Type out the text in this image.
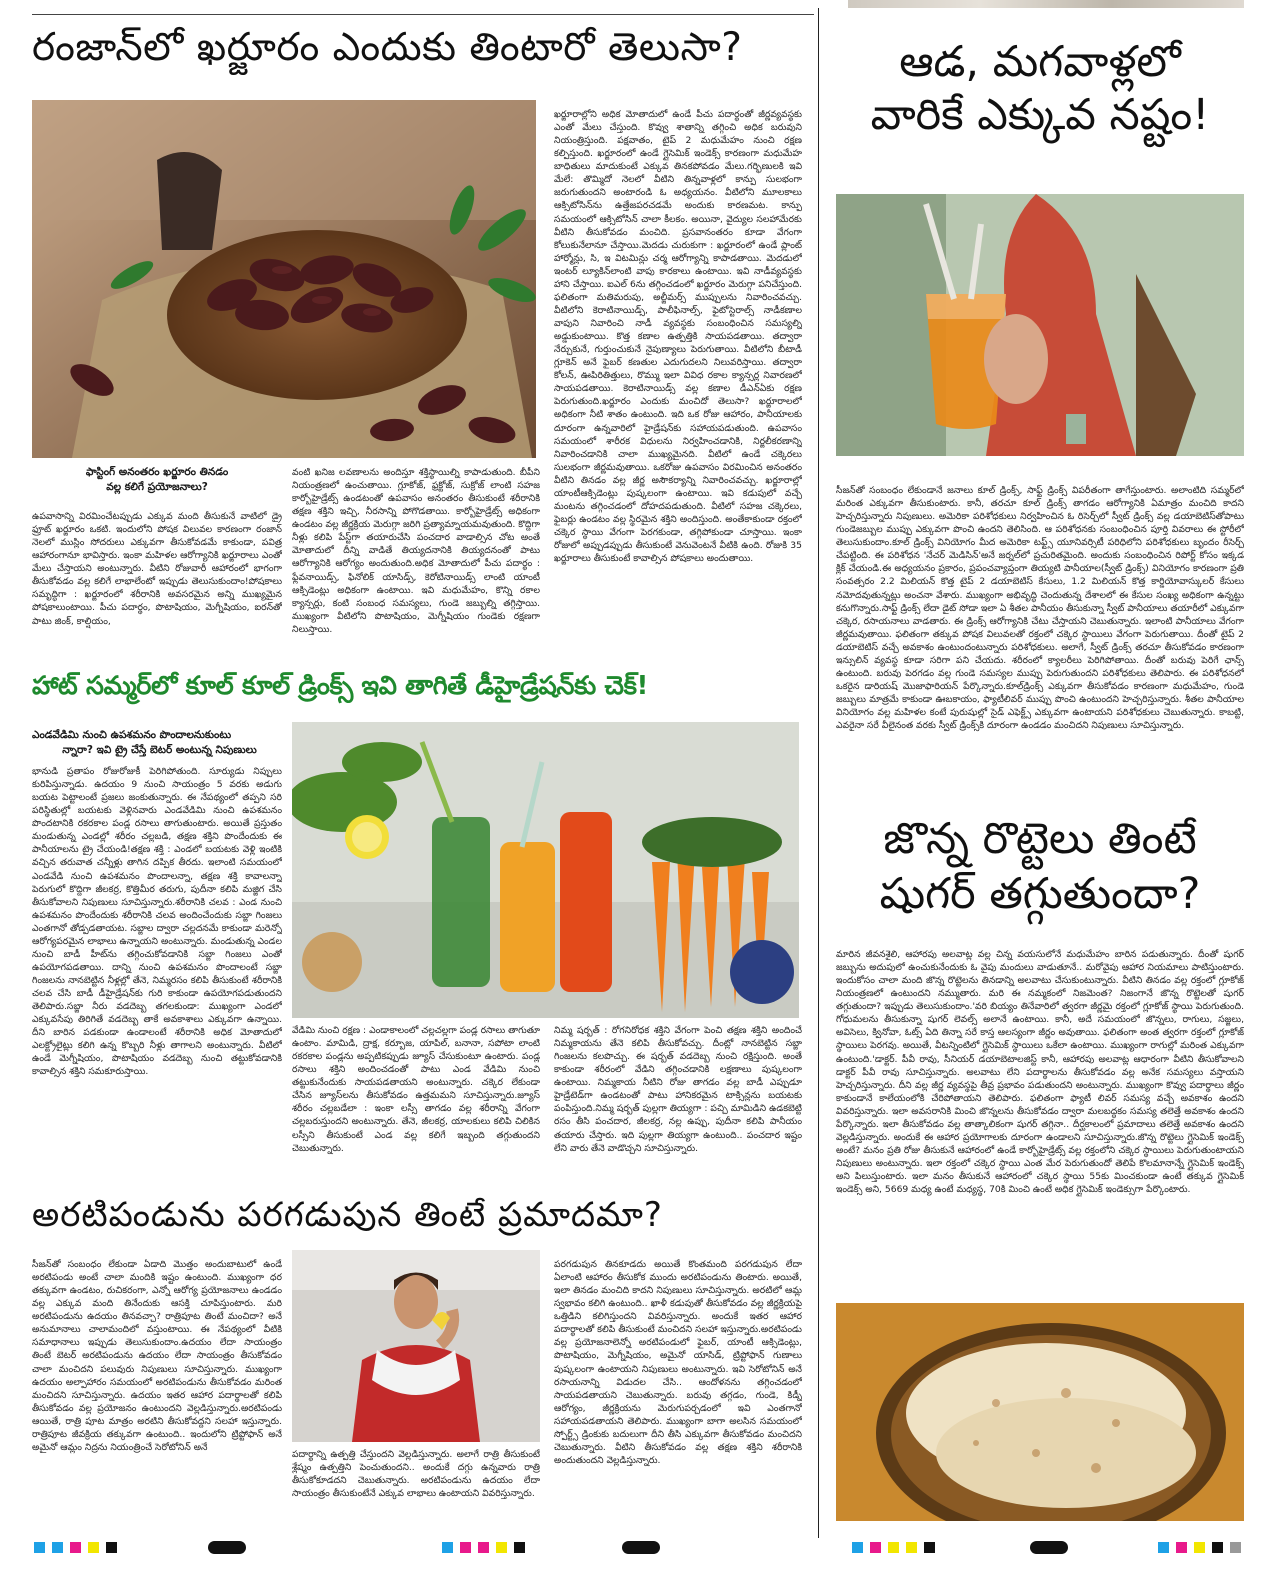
రంజాన్‌లో ఖర్జూరం ఎందుకు తింటారో తెలుసా?
ఫాస్టింగ్ అనంతరం ఖర్జూరం తినడం
వల్ల కలిగే ప్రయోజనాలు?
ఉపవాసాన్ని విరమించేటప్పుడు ఎక్కువ మంది తీసుకునే వాటిలో డ్రై ఫ్రూట్ ఖర్జూరం ఒకటి. ఇందులోని పోషక విలువల కారణంగా రంజాన్ నెలలో ముస్లిం సోదరులు ఎక్కువగా తీసుకోవడమే కాకుండా, పవిత్ర ఆహారంగానూ భావిస్తారు. ఇంకా మహిళల ఆరోగ్యానికి ఖర్జూరాలు ఎంతో మేలు చేస్తాయని అంటున్నారు. వీటిని రోజువారీ ఆహారంలో భాగంగా తీసుకోవడం వల్ల కలిగే లాభాలేంటో ఇప్పుడు తెలుసుకుందాం!పోషకాలు సమృద్ధిగా : ఖర్జూరంలో శరీరానికి అవసరమైన అన్ని ముఖ్యమైన పోషకాలుంటాయి. పీచు పదార్థం, పొటాషియం, మెగ్నీషియం, ఐరన్‌తో పాటు జింక్, కాల్షియం,
వంటి ఖనిజ లవణాలను అందిస్తూ శక్తిస్థాయిల్ని కాపాడుతుంది. బీపీని నియంత్రణలో ఉంచుతాయి. గ్లూకోజ్, ఫ్రక్టోజ్, సుక్రోజ్ లాంటి సహజ కార్బోహైడ్రేట్స్ ఉండటంతో ఉపవాసం అనంతరం తీసుకుంటే శరీరానికి తక్షణ శక్తిని ఇచ్చి, నీరసాన్ని పోగొడతాయి. కార్బోహైడ్రేట్స్ అధికంగా ఉండటం వల్ల జీర్ణక్రియ మెరుగ్గా జరిగి ప్రత్యామ్నాయమవుతుంది. కొద్దిగా నీళ్లు కలిపి పేస్ట్‌గా తయారుచేసి పంచదార వాడాల్సిన చోట అంతే మోతాదులో దీన్ని వాడితే తియ్యదనానికి తియ్యదనంతో పాటు ఆరోగ్యానికి ఆరోగ్యం అందుతుంది.అధిక మోతాదులో పీచు పదార్థం : ఫ్లేవనాయిడ్స్, ఫినోలిక్ యాసిడ్స్, కెరోటినాయిడ్స్ లాంటి యాంటీ ఆక్సిడెంట్లు అధికంగా ఉంటాయి. ఇవి మధుమేహం, కొన్ని రకాల క్యాన్సర్లు, కంటి సంబంధ సమస్యలు, గుండె జబ్బుల్ని తగ్గిస్తాయి. ముఖ్యంగా వీటిలోని పొటాషియం, మెగ్నీషియం గుండెకు రక్షణగా నిలుస్తాయి.
ఖర్జూరాల్లోని అధిక మోతాదులో ఉండే పీచు పదార్థంతో జీర్ణవ్యవస్థకు ఎంతో మేలు చేస్తుంది. కొవ్వు శాతాన్ని తగ్గించి అధిక బరువుని నియంత్రిస్తుంది. పక్షవాతం, టైప్ 2 మధుమేహం నుంచి రక్షణ కల్పిస్తుంది. ఖర్జూరంలో ఉండే గ్లైసెమిక్ ఇండెక్స్ కారణంగా మధుమేహ బాధితులు మాదుకుంటే ఎక్కువ తినకపోవడం మేలు.గర్భిణులకి ఇవి మేలే: తొమ్మిదో నెలలో వీటిని తిన్నవాళ్లలో కాన్పు సులభంగా జరుగుతుందని అంటారండి ఓ అధ్యయనం. వీటిలోని మూలకాలు ఆక్సిటోసిన్‌ను ఉత్తేజపరచడమే అందుకు కారణమట. కాన్పు సమయంలో ఆక్సిటోసిన్ చాలా కీలకం. అయినా, వైద్యుల సలహామేరకు వీటిని తీసుకోవడం మంచిది. ప్రసవానంతరం కూడా వేగంగా కోలుకునేలానూ చేస్తాయి.మెదడు చురుకుగా : ఖర్జూరంలో ఉండే ప్లాంట్ హార్మోన్లు, సి, ఇ విటమిన్లు చర్మ ఆరోగ్యాన్ని కాపాడతాయి. మెదడులో ఇంటర్ ల్యూకిన్‌లాంటి వాపు కారకాలు ఉంటాయి. ఇవి నాడీవ్యవస్థకు హాని చేస్తాయి. ఐఎల్ 6ను తగ్గించడంలో ఖర్జూరం మెరుగ్గా పనిచేస్తుంది. ఫలితంగా మతిమరుపు, అల్జీమర్స్ ముప్పులను నివారించవచ్చు. వీటిలోని కెరాటినాయిడ్స్, పాలీఫినాల్స్, ఫైటోస్టెరాల్స్ నాడీకణాల వాపుని నివారించి నాడీ వ్యవస్థకు సంబంధించిన సమస్యల్ని అడ్డుకుంటాయి. కొత్త కణాల ఉత్పత్తికి సాయపడతాయి. తద్వారా నేర్చుకునే, గుర్తుంచుకునే నైపుణ్యాలు పెరుగుతాయి. వీటిలోని బీటాడీ గ్లూకెన్ అనే ఫైబర్ కణతుల ఎదుగుదలని నిలువరిస్తాయి. తద్వారా కోలన్, ఊపిరితిత్తులు, రొమ్ము ఇలా వివిధ రకాల క్యాన్సర్ల నివారణలో సాయపడతాయి. కెరాటినాయిడ్స్ వల్ల కణాల డీఎన్ఏకు రక్షణ పెరుగుతుంది.ఖర్జూరం ఎందుకు మంచిదో తెలుసా? ఖర్జూరాలలో అధికంగా నీటి శాతం ఉంటుంది. ఇది ఒక రోజు ఆహారం, పానీయాలకు దూరంగా ఉన్నవారిలో హైడ్రేషన్‌కు సహాయపడుతుంది. ఉపవాసం సమయంలో శారీరక విధులను నిర్వహించడానికి, నిర్జలీకరణాన్ని నివారించడానికి చాలా ముఖ్యమైనది. వీటిలో ఉండే చక్కెరలు సులభంగా జీర్ణమవుతాయి. ఒకరోజు ఉపవాసం విరమించిన అనంతరం వీటిని తినడం వల్ల జీర్ణ అసౌకర్యాన్ని నివారించవచ్చు. ఖర్జూరాల్లో యాంటీఆక్సిడెంట్లు పుష్కలంగా ఉంటాయి. ఇవి కడుపులో వచ్చే మంటను తగ్గించడంలో దోహదపడుతుంది. వీటిలో సహజ చక్కెరలు, ఫైబర్లు ఉండటం వల్ల స్థిరమైన శక్తిని అందిస్తుంది. అంతేకాకుండా రక్తంలో చక్కెర స్థాయి వేగంగా పెరగకుండా, తగ్గిపోకుండా చూస్తాయి. ఇంకా రోజులో అప్పుడప్పుడు తీసుకుంటే వెనువెంటనే వీటికి ఉంది. రోజుకి 35 ఖర్జూరాలు తీసుకుంటే కావాల్సిన పోషకాలు అందుతాయి.
హాట్ సమ్మర్‌లో కూల్ కూల్ డ్రింక్స్ ఇవి తాగితే డీహైడ్రేషన్‌కు చెక్!
ఎండవేడిమి నుంచి ఉపశమనం పొందాలనుకుంటు
న్నారా? ఇవి ట్రై చేస్తే బెటర్ అంటున్న నిపుణులు
భానుడి ప్రతాపం రోజురోజుకీ పెరిగిపోతుంది. సూర్యుడు నిప్పులు కురిపిస్తున్నాడు. ఉదయం 9 నుంచి సాయంత్రం 5 వరకు అడుగు బయట పెట్టాలంటే ప్రజలు జంకుతున్నారు. ఈ నేపథ్యంలో తప్పని సరి పరిస్థితుల్లో బయటకు వెళ్లినవారు ఎండవేడిమి నుంచి ఉపశమనం పొందటానికి రకరకాల పండ్ల రసాలు తాగుతుంటారు. అయితే ప్రస్తుతం మండుతున్న ఎండల్లో శరీరం చల్లబడి, తక్షణ శక్తిని పొందేందుకు ఈ పానీయాలను ట్రై చేయండి!తక్షణ శక్తి : ఎండలో బయటకు వెళ్లి ఇంటికి వచ్చిన తరువాత చన్నీళ్లు తాగిన దప్పిక తీరదు. ఇలాంటి సమయంలో ఎండవేడి నుంచి ఉపశమనం పొందాలన్నా, తక్షణ శక్తి కావాలన్నా పెరుగులో కొద్దిగా జీలకర్ర, కొత్తిమీర తరుగు, పుదీనా కలిపి మజ్జిగ చేసి తీసుకోవాలని నిపుణులు సూచిస్తున్నారు.శరీరానికి చలవ : ఎండ నుంచి ఉపశమనం పొందేందుకు శరీరానికి చలవ అందించేందుకు సబ్జా గింజలు ఎంతగానో తోడ్పడతాయట. సబ్జాల ద్వారా చల్లదనమే కాకుండా మరెన్నో ఆరోగ్యపరమైన లాభాలు ఉన్నాయని అంటున్నారు. మండుతున్న ఎండల నుంచి బాడీ హీట్‌ను తగ్గించుకోవడానికి సబ్జా గింజలు ఎంతో ఉపయోగపడతాయి. దాన్ని నుంచి ఉపశమనం పొందాలంటే సబ్జా గింజలను నానబెట్టిన నీళ్లల్లో తేనె, నిమ్మరసం కలిపి తీసుకుంటే శరీరానికి చలవ చేసి బాడీ డీహైడ్రేషన్‌కు గురి కాకుండా ఉపయోగపడుతుందని తెలిపారు.సబ్జా నీరు వడదెబ్బ తగలకుండా: ముఖ్యంగా ఎండలో ఎక్కువసేపు తిరిగితే వడదెబ్బ తాకే అవకాశాలు ఎక్కువగా ఉన్నాయి. దీని బారిన పడకుండా ఉండాలంటే శరీరానికి అధిక మోతాదులో ఎలక్ట్రోలైట్లు కలిగి ఉన్న కొబ్బరి నీళ్లు తాగాలని అంటున్నారు. వీటిలో ఉండే మెగ్నీషియం, పొటాషియం వడదెబ్బ నుంచి తట్టుకోవడానికి కావాల్సిన శక్తిని సమకూరుస్తాయి.
వేడిమి నుంచి రక్షణ : ఎండాకాలంలో చల్లచల్లగా పండ్ల రసాలు తాగుతూ ఉంటాం. మామిడి, ద్రాక్ష, కర్బూజ, యాపిల్, బనానా, సపోటా లాంటి రకరకాల పండ్లను అప్పటికప్పుడు జ్యూస్ చేసుకుంటూ ఉంటారు. పండ్ల రసాలు శక్తిని అందించడంతో పాటు ఎండ వేడిమి నుంచి తట్టుకునేందుకు సాయపడతాయని అంటున్నారు. చక్కెర లేకుండా చేసిన జ్యూస్‌లను తీసుకోవడం ఉత్తమమని సూచిస్తున్నారు.జ్యూస్ శరీరం చల్లబడేలా : ఇంకా లస్సీ తాగడం వల్ల శరీరాన్ని వేగంగా చల్లబరుస్తుందని అంటున్నారు. తేనె, జీలకర్ర, యాలకులు కలిపి చిలికిన లస్సీని తీసుకుంటే ఎండ వల్ల కలిగే ఇబ్బంది తగ్గుతుందని చెబుతున్నారు.
నిమ్మ షర్బత్ : రోగనిరోధక శక్తిని వేగంగా పెంచి తక్షణ శక్తిని అందించే నిమ్మకాయను తేనె కలిపి తీసుకోవచ్చు. దీంట్లో నానబెట్టిన సబ్జా గింజలను కలపొచ్చు. ఈ షర్బత్ వడదెబ్బ నుంచి రక్షిస్తుంది. అంతే కాకుండా శరీరంలో వేడిని తగ్గించడానికి లక్షణాలు పుష్కలంగా ఉంటాయి. నిమ్మకాయ నీటిని రోజు తాగడం వల్ల బాడీ ఎప్పుడూ హైడ్రేటెడ్‌గా ఉండటంతో పాటు హానికరమైన టాక్సిన్లను బయటకు పంపిస్తుంది.నిమ్మ షర్బత్ పుల్లగా తియ్యగా : పచ్చి మామిడిని ఉడకబెట్టి రసం తీసి పంచదార, జీలకర్ర, నల్ల ఉప్పు, పుదీనా కలిపి పానీయం తయారు చేస్తారు. ఇది పుల్లగా తియ్యగా ఉంటుంది.. పంచదార ఇష్టం లేని వారు తేనె వాడొచ్చని సూచిస్తున్నారు.
అరటిపండును పరగడుపున తింటే ప్రమాదమా?
సీజన్‌తో సంబంధం లేకుండా ఏడాది మొత్తం అందుబాటులో ఉండే అరటిపండు అంటే చాలా మందికి ఇష్టం ఉంటుంది. ముఖ్యంగా ధర తక్కువగా ఉండటం, రుచికరంగా, ఎన్నో ఆరోగ్య ప్రయోజనాలు ఉండడం వల్ల ఎక్కువ మంది తినేందుకు ఆసక్తి చూపిస్తుంటారు. మరి అరటిపండును ఉదయం తినవచ్చా? రాత్రిపూట తింటే మంచిదా? అనే అనుమానాలు చాలామందిలో వస్తుంటాయి. ఈ నేపథ్యంలో వీటికి సమాధానాలు ఇప్పుడు తెలుసుకుందాం.ఉదయం లేదా సాయంత్రం తింటే బెటర్ అరటిపండును ఉదయం లేదా సాయంత్రం తీసుకోవడం చాలా మంచిదని పలువురు నిపుణులు సూచిస్తున్నారు. ముఖ్యంగా ఉదయం అల్పాహారం సమయంలో అరటిపండును తీసుకోవడం మరింత మంచిదని సూచిస్తున్నారు. ఉదయం ఇతర ఆహార పదార్థాలతో కలిపి తీసుకోవడం వల్ల ప్రయోజనం ఉంటుందని వెల్లడిస్తున్నారు.అరటిపండు ఆయితే, రాత్రి పూట మాత్రం అరటిని తీసుకోవద్దని సలహా ఇస్తున్నారు. రాత్రిపూట జీవక్రియ తక్కువగా ఉంటుంది.. ఇందులోని ట్రిప్టోఫాన్ అనే అమైనో ఆమ్లం నిద్రను నియంత్రించే సెరోటోనిన్ అనే
పదార్థాన్ని ఉత్పత్తి చేస్తుందని వెల్లడిస్తున్నారు. అలాగే రాత్రి తీసుకుంటే శ్లేష్మం ఉత్పత్తిని పెంచుతుందని.. అందుకే దగ్గు ఉన్నవారు రాత్రి తీసుకోకూడదని చెబుతున్నారు. అరటిపండును ఉదయం లేదా సాయంత్రం తీసుకుంటేనే ఎక్కువ లాభాలు ఉంటాయని వివరిస్తున్నారు.
పరగడుపున తినకూడదు అయితే కొంతమంది పరగడుపున లేదా ఏలాంటి ఆహారం తీసుకోక ముందు అరటిపండును తింటారు. అయితే, ఇలా తినడం మంచిది కాదని నిపుణులు సూచిస్తున్నారు. అరటిలో ఆమ్ల స్వభావం కలిగి ఉంటుంది.. ఖాళీ కడుపుతో తీసుకోవడం వల్ల జీర్ణక్రియపై ఒత్తిడిని కలిగిస్తుందని వివరిస్తున్నారు. అందుకే ఇతర ఆహార పదార్థాలతో కలిపి తీసుకుంటే మంచిదని సలహా ఇస్తున్నారు.అరటిపండు వల్ల ప్రయోజనాలెన్నో అరటిపండులో ఫైబర్, యాంటీ ఆక్సిడెంట్లు, పొటాషియం, మెగ్నీషియం, అమైనో యాసిడ్, ట్రిప్టోఫాన్ గుణాలు పుష్కలంగా ఉంటాయని నిపుణులు అంటున్నారు. ఇవి సెరోటోనిన్ అనే రసాయనాన్ని విడుదల చేసి.. ఆందోళనను తగ్గించడంలో సాయపడతాయని చెబుతున్నారు. బరువు తగ్గడం, గుండె, కిడ్నీ ఆరోగ్యం, జీర్ణక్రియను మెరుగుపర్చడంలో ఇవి ఎంతగానో సహాయపడతాయని తెలిపారు. ముఖ్యంగా బాగా అలసిన సమయంలో స్పోర్ట్స్ డ్రింకుకు బదులుగా దీని తీసి ఎక్కువగా తీసుకోవడం మంచిదని చెబుతున్నారు. వీటిని తీసుకోవడం వల్ల తక్షణ శక్తిని శరీరానికి అందుతుందని వెల్లడిస్తున్నారు.
ఆడ, మగవాళ్లలో
వారికే ఎక్కువ నష్టం!
సీజన్‌తో సంబంధం లేకుండానే జనాలు కూల్ డ్రింక్స్, సాఫ్ట్ డ్రింక్స్ విపరీతంగా తాగేస్తుంటారు. అలాంటిది సమ్మర్‌లో మరింత ఎక్కువగా తీసుకుంటారు. కానీ, తరచూ కూల్ డ్రింక్స్ తాగడం ఆరోగ్యానికి ఏమాత్రం మంచిది కాదని హెచ్చరిస్తున్నారు నిపుణులు. అమెరికా పరిశోధకులు నిర్వహించిన ఓ రిసెర్చ్‌లో స్వీట్ డ్రింక్స్ వల్ల డయాబెటిస్‌తోపాటు గుండెజబ్బుల ముప్పు ఎక్కువగా పొంచి ఉందని తెలిసింది. ఆ పరిశోధనకు సంబంధించిన పూర్తి వివరాలు ఈ స్టోరీలో తెలుసుకుందాం.కూల్ డ్రింక్స్ వినియోగం మీద అమెరికా టఫ్ట్స్ యూనివర్సిటీ పరిధిలోని పరిశోధకులు బృందం రీసెర్చ్ చేపట్టింది. ఈ పరిశోధన 'నేచర్ మెడిసిన్'అనే జర్నల్‌లో ప్రచురితమైంది. అందుకు సంబంధించిన రిపోర్ట్ కోసం ఇక్కడ క్లిక్ చేయండి.ఈ అధ్యయనం ప్రకారం, ప్రపంచవ్యాప్తంగా తియ్యటి పానీయాల(స్వీట్ డ్రింక్స్) వినియోగం కారణంగా ప్రతి సంవత్సరం 2.2 మిలియన్ కొత్త టైప్ 2 డయాబెటిస్ కేసులు, 1.2 మిలియన్ కొత్త కార్డియోవాస్కులర్ కేసులు నమోదవుతున్నట్లు అంచనా వేశారు. ముఖ్యంగా అభివృద్ధి చెందుతున్న దేశాలలో ఈ కేసుల సంఖ్య అధికంగా ఉన్నట్టు కనుగొన్నారు.సాఫ్ట్ డ్రింక్స్ లేదా డైట్ సోడా ఇలా ఏ శీతల పానీయం తీసుకున్నా స్వీట్ పానీయాలు తయారీలో ఎక్కువగా చక్కెర, రసాయనాలు వాడతారు. ఈ డ్రింక్స్ ఆరోగ్యానికి చేటు చేస్తాయని చెబుతున్నారు. ఇలాంటి పానీయాలు వేగంగా జీర్ణమవుతాయి. ఫలితంగా తక్కువ పోషక విలువలతో రక్తంలో చక్కెర స్థాయిలు వేగంగా పెరుగుతాయి. దీంతో టైప్ 2 డయాబెటిస్ వచ్చే అవకాశం ఉంటుందంటున్నారు పరిశోధకులు. అలాగే, స్వీట్ డ్రింక్స్ తరచూ తీసుకోవడం కారణంగా ఇన్సులిన్ వ్యవస్థ కూడా సరిగా పని చేయదు. శరీరంలో క్యాలరీలు పెరిగిపోతాయి. దీంతో బరువు పెరిగే ఛాన్స్ ఉంటుంది. బరువు పెరగడం వల్ల గుండె సమస్యల ముప్పు పెరుగుతుందని పరిశోధకులు తెలిపారు. ఈ పరిశోధనలో ఒకరైన డారియష్ మొజాఫారియన్ పేర్కొన్నారు.కూల్‌డ్రింక్స్ ఎక్కువగా తీసుకోవడం కారణంగా మధుమేహం, గుండె జబ్బులు మాత్రమే కాకుండా ఊబకాయం, ఫ్యాటీలివర్ ముప్పు పొంచి ఉంటుందని హెచ్చరిస్తున్నారు. శీతల పానీయాల వినియోగం వల్ల మహిళల కంటే పురుషుల్లో సైడ్ ఎఫెక్ట్స్ ఎక్కువగా ఉంటాయని పరిశోధకులు చెబుతున్నారు. కాబట్టి, ఎవరైనా సరే వీలైనంత వరకు స్వీట్ డ్రింక్స్‌కి దూరంగా ఉండడం మంచిదని నిపుణులు సూచిస్తున్నారు.
జొన్న రొట్టెలు తింటే
షుగర్ తగ్గుతుందా?
మారిన జీవనశైలి, ఆహారపు అలవాట్ల వల్ల చిన్న వయసులోనే మధుమేహం బారిన పడుతున్నారు. దీంతో షుగర్ జబ్బును అదుపులో ఉంచుకునేందుకు ఓ వైపు మందులు వాడుతూనే.. మరోవైపు ఆహార నియమాలు పాటిస్తుంటారు. ఇందుకోసం చాలా మంది జొన్న రొట్టెలను తినడాన్ని అలవాటు చేసుకుంటున్నారు. వీటిని తినడం వల్ల రక్తంలో గ్లూకోజ్ నియంత్రణలో ఉంటుందని నమ్ముతారు. మరి ఈ నమ్మకంలో నిజమెంత? నిజంగానే జొన్న రొట్టెలతో షుగర్ తగ్గుతుందా? ఇప్పుడు తెలుసుకుందాం.'వరి బియ్యం తినేవారిలో త్వరగా జీర్ణమై రక్తంలో గ్లూకోజ్ స్థాయి పెరుగుతుంది. గోధుమలను తీసుకున్నా షుగర్ లెవల్స్ అలానే ఉంటాయి. కానీ, అదే సమయంలో జొన్నలు, రాగులు, సజ్జలు, అవిసెలు, క్వినోవా, ఓట్స్ ఏది తిన్నా సరే కాస్త ఆలస్యంగా జీర్ణం అవుతాయి. ఫలితంగా అంత త్వరగా రక్తంలో గ్లూకోజ్ స్థాయిలు పెరగవు. అయితే, వీటన్నింటిలో గ్లైసెమిక్ స్థాయిలు ఒకేలా ఉంటాయి. ముఖ్యంగా రాగుల్లో మరింత ఎక్కువగా ఉంటుంది.'డాక్టర్. పీవీ రావు, సీనియర్ డయాబెటాలజిస్ట్ కానీ, ఆహారపు అలవాట్ల ఆధారంగా వీటిని తీసుకోవాలని డాక్టర్ పీవీ రావు సూచిస్తున్నారు. అలవాటు లేని పదార్థాలను తీసుకోవడం వల్ల అనేక సమస్యలు వస్తాయని హెచ్చరిస్తున్నారు. దీని వల్ల జీర్ణ వ్యవస్థపై తీవ్ర ప్రభావం పడుతుందని అంటున్నారు. ముఖ్యంగా కొవ్వు పదార్థాలు జీర్ణం కాకుండానే కాలేయంలోకి చేరిపోతాయని తెలిపారు. ఫలితంగా ఫ్యాటీ లివర్ సమస్య వచ్చే అవకాశం ఉందని వివరిస్తున్నారు. ఇలా అవసరానికి మించి జొన్నలను తీసుకోవడం ద్వారా మలబద్ధకం సమస్య తలెత్తే అవకాశం ఉందని పేర్కొన్నారు. ఇలా తీసుకోవడం వల్ల తాత్కాలికంగా షుగర్ తగ్గినా.. దీర్ఘకాలంలో ప్రమాదాలు తలెత్తే అవకాశం ఉందని వెల్లడిస్తున్నారు. అందుకే ఈ ఆహార ప్రయోగాలకు దూరంగా ఉండాలని సూచిస్తున్నారు.జొన్న రొట్టెలు గ్లైసెమిక్ ఇండెక్స్ అంటే? మనం ప్రతి రోజు తీసుకునే ఆహారంలో ఉండే కార్బోహైడ్రేట్స్ వల్ల రక్తంలోని చక్కెర స్థాయిలు పెరుగుతుంటాయని నిపుణులు అంటున్నారు. ఇలా రక్తంలో చక్కెర స్థాయి ఎంత మేర పెరుగుతుందో తెలిపే కొలమానాన్నే గ్లైసెమిక్ ఇండెక్స్ అని పిలుస్తుంటారు. ఇలా మనం తీసుకునే ఆహారంలో చక్కెర స్థాయి 55కు మించకుండా ఉంటే తక్కువ గ్లైసెమిక్ ఇండెక్స్ అని, 5669 మధ్య ఉంటే మధ్యస్థ, 70కి మించి ఉంటే అధిక గ్లైసెమిక్ ఇండెక్సుగా పేర్కొంటారు.
